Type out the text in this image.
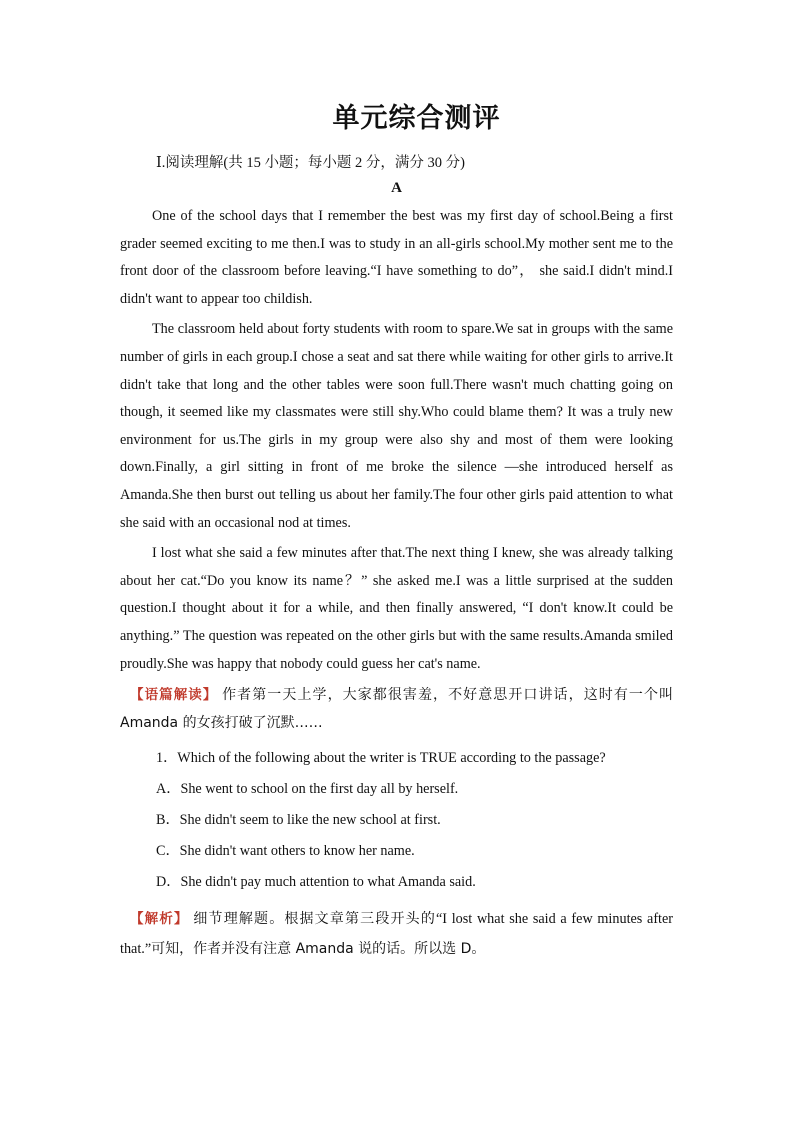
单元综合测评
Ⅰ.阅读理解(共 15 小题；每小题 2 分，满分 30 分)
A

One of the school days that I remember the best was my first day of school.Being a first grader seemed exciting to me then.I was to study in an all-girls school.My mother sent me to the front door of the classroom before leaving.“I have something to do”， she said.I didn't mind.I didn't want to appear too childish.

The classroom held about forty students with room to spare.We sat in groups with the same number of girls in each group.I chose a seat and sat there while waiting for other girls to arrive.It didn't take that long and the other tables were soon full.There wasn't much chatting going on though, it seemed like my classmates were still shy.Who could blame them? It was a truly new environment for us.The girls in my group were also shy and most of them were looking down.Finally, a girl sitting in front of me broke the silence —she introduced herself as Amanda.She then burst out telling us about her family.The four other girls paid attention to what she said with an occasional nod at times.

I lost what she said a few minutes after that.The next thing I knew, she was already talking about her cat.“Do you know its name？” she asked me.I was a little surprised at the sudden question.I thought about it for a while, and then finally answered, “I don't know.It could be anything.” The question was repeated on the other girls but with the same results.Amanda smiled proudly.She was happy that nobody could guess her cat's name.

【语篇解读】 作者第一天上学，大家都很害羞，不好意思开口讲话，这时有一个叫 Amanda 的女孩打破了沉默……

1．Which of the following about the writer is TRUE according to the passage?
A．She went to school on the first day all by herself.
B．She didn't seem to like the new school at first.
C．She didn't want others to know her name.
D．She didn't pay much attention to what Amanda said.

【解析】 细节理解题。根据文章第三段开头的“I lost what she said a few minutes after that.”可知，作者并没有注意 Amanda 说的话。所以选 D。
